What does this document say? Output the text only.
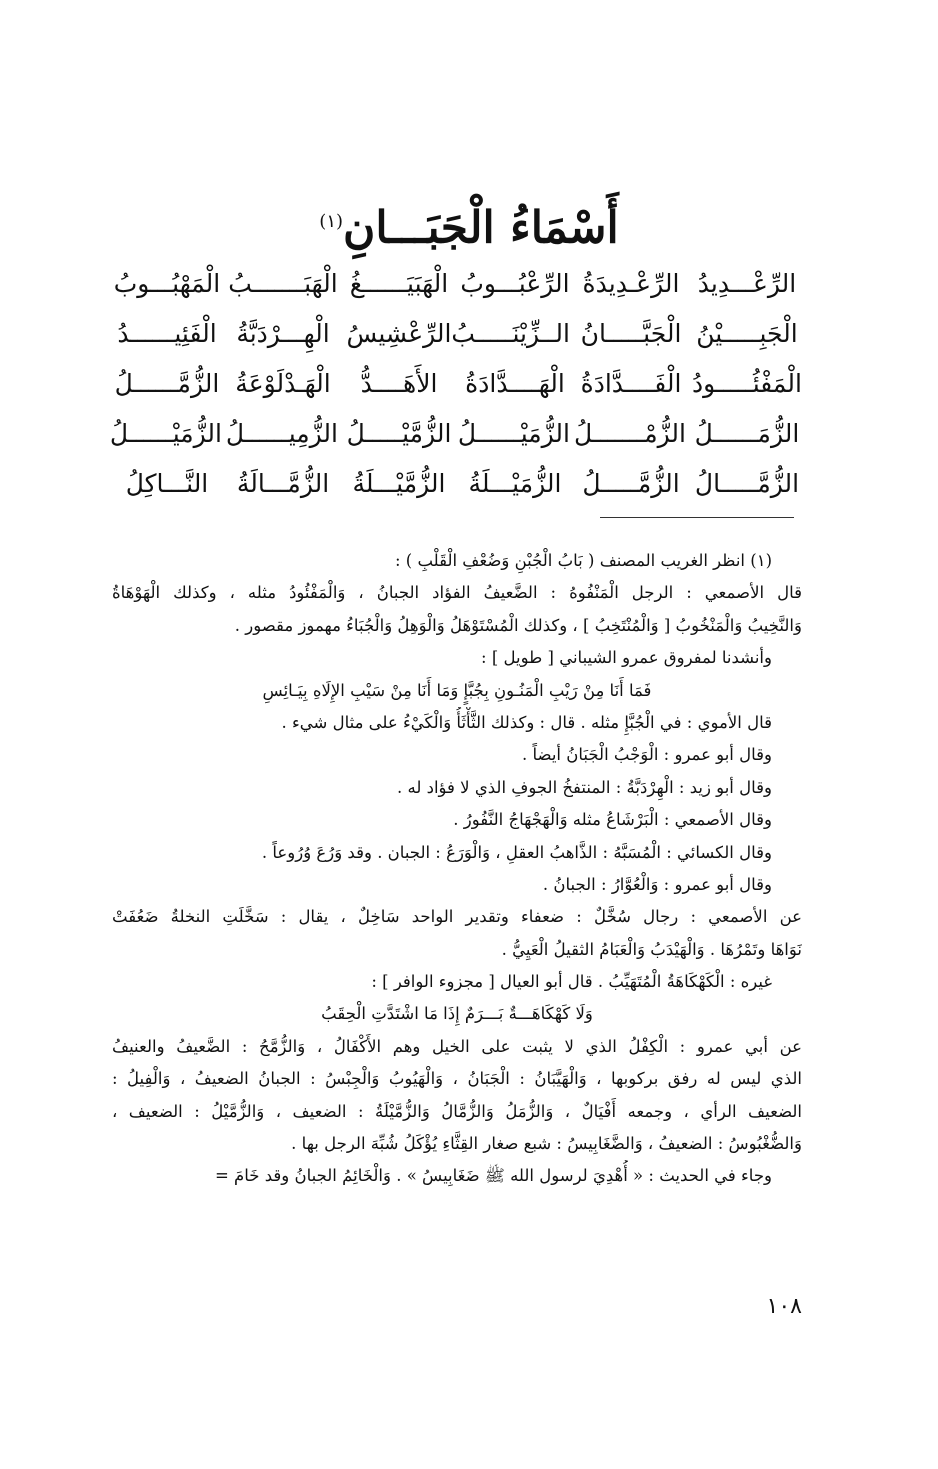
أَسْمَاءُ الْجَبَـــانِ$^{(١)}$
الرِّعْـــدِيدُ
الرِّعْـدِيدَةُ
الرِّعْبُـــوبُ
الْهَبَيَــــــغُ
الْهَبَـــــــبُ
الْمَهْبُـــوبُ
الْجَبِـــــيْنُ
الْجَبَّـــــانُ
الــزِّيْنَـــــبُ
الرِّعْشِيسُ
الْهِـــرْدَبَّةُ
الْفَئِيــــــدُ
الْمَفْئُـــــودُ
الْفَــــدَّادَةُ
الْهَــــدَّادَةُ
الأَهَــــدُّ
الْهَـدْلَوْعَةُ
الزُّمَّــــــلُ
الزُّمَــــــلُ
الزُّمْـــــــلُ
الزُّمَيْــــــلُ
الزُّمَّيْـــــلُ
الزُّمِيــــــلُ
الزُّمَيْــــــلُ
الزُّمَّـــــالُ
الزُّمَّـــــلُ
الزُّمَيْـــلَةُ
الزُّمَّيْـــلَةُ
الزُّمَّـــالَةُ
النَّـــاكِلُ
(١) انظر الغريب المصنف ( بَابُ الْجُبْنِ وَضُعْفِ الْقَلْبِ ) :
قال الأصمعي : الرجل الْمَنْفُوهُ : الضَّعيفُ الفؤاد الجبانُ ، وَالْمَفْئُودُ مثله ، وكذلك الْهَوْهَاةُ
وَالنَّخِيبُ وَالْمَنْخُوبُ [ وَالْمُنْتَخِبُ ] ، وكذلك الْمُسْتَوْهَلُ وَالْوَهِلُ وَالْجُبَاءُ مهموز مقصور .
وأنشدنا لمفروق عمرو الشيباني [ طويل ] :
فَمَا أَنَا مِنْ رَيْبِ الْمَنُـونِ بِجُبَّإٍ وَمَا أَنَا مِنْ سَيْبِ الإِلَاهِ بِيَـائِسِ
قال الأموي : في الْجُبَّإِ مثله . قال : وكذلك الثَّأْثَأُ وَالْكَيْءُ على مثال شيء .
وقال أبو عمرو : الْوَجْبُ الْجَبَانُ أيضاً .
وقال أبو زيد : الْهِرْدَبَّةُ : المنتفخُ الجوفِ الذي لا فؤاد له .
وقال الأصمعي : الْبَرْشَاعُ مثله وَالْهَجْهَاجُ النَّفُورُ .
وقال الكسائي : الْمُسَبَّهُ : الذَّاهبُ العقلِ ، وَالْوَرَعُ : الجبان . وقد وَرُعَ وُرُوعاً .
وقال أبو عمرو : وَالْعُوَّارُ : الجبانُ .
عن الأصمعي : رجال سُخَّلٌ : ضعفاء وتقدير الواحد سَاخِلٌ ، يقال : سَخَّلَتِ النخلةُ ضَعُفَتْ
نَوَاهَا وتَمْرُهَا . وَالْهَيْدَبُ وَالْعَبَامُ الثقيلُ الْعَيِيُّ .
غيره : الْكَهْكَاهَةُ الْمُتَهَيِّبُ . قال أبو العيال [ مجزوء الوافر ] :
وَلَا كَهْكَاهَـــةٌ بَـــرَمٌ إِذَا مَا اشْتَدَّتِ الْحِقَبُ
عن أبي عمرو : الْكِفْلُ الذي لا يثبت على الخيل وهم الأَكْفَالُ ، وَالزُّمَّحُ : الضَّعيفُ والعنيفُ
الذي ليس له رفق بركوبها ، وَالْهَيَّبَانُ : الْجَبَانُ ، وَالْهَيُوبُ وَالْجِبْسُ : الجبانُ الضعيفُ ، وَالْفِيلُ :
الضعيف الرأي ، وجمعه أَفْيَالٌ ، وَالزُّمَلُ وَالزُّمَّالُ وَالزُّمَّيْلَةُ : الضعيف ، وَالزُّمَّيْلُ : الضعيف ،
وَالضُّغْبُوسُ : الضعيفُ ، وَالضَّغَابِيسُ : شبع صغار القِثَّاءِ يُؤْكَلُ شُبِّهَ الرجل بها .
وجاء في الحديث : « أُهْدِيَ لرسول الله ﷺ ضَغَابِيسُ » . وَالْخَائِمُ الجبانُ وقد خَامَ =
١٠٨
